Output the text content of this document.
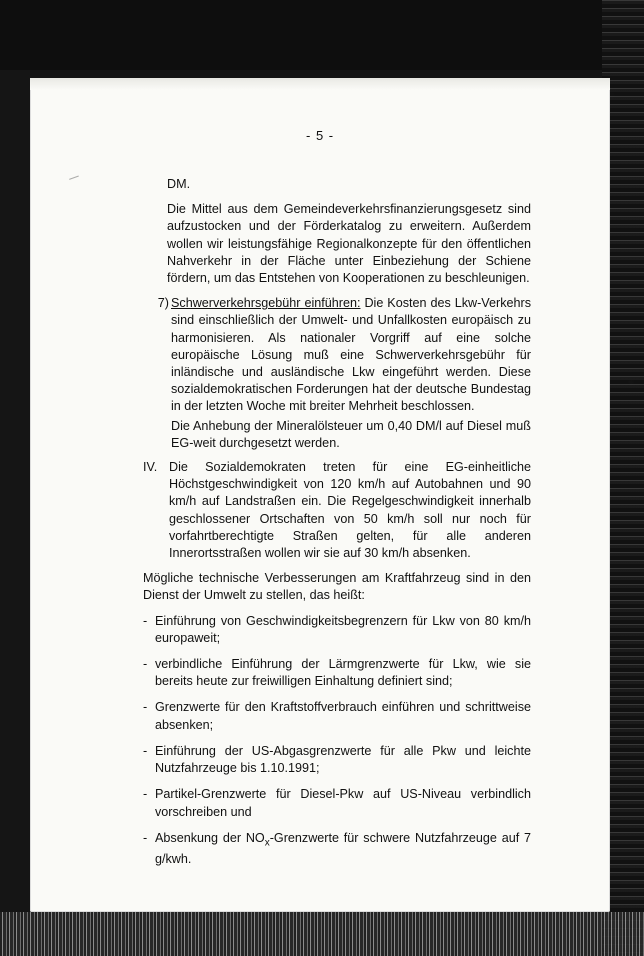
- 5 -

DM.

Die Mittel aus dem Gemeindeverkehrsfinanzierungsgesetz sind aufzustocken und der Förderkatalog zu erweitern. Außerdem wollen wir leistungsfähige Regionalkonzepte für den öffentlichen Nahverkehr in der Fläche unter Einbeziehung der Schiene fördern, um das Entstehen von Kooperationen zu beschleunigen.

7) Schwerverkehrsgebühr einführen: Die Kosten des Lkw-Verkehrs sind einschließlich der Umwelt- und Unfallkosten europäisch zu harmonisieren. Als nationaler Vorgriff auf eine solche europäische Lösung muß eine Schwerverkehrsgebühr für inländische und ausländische Lkw eingeführt werden. Diese sozialdemokratischen Forderungen hat der deutsche Bundestag in der letzten Woche mit breiter Mehrheit beschlossen.
Die Anhebung der Mineralölsteuer um 0,40 DM/l auf Diesel muß EG-weit durchgesetzt werden.
IV. Die Sozialdemokraten treten für eine EG-einheitliche Höchstgeschwindigkeit von 120 km/h auf Autobahnen und 90 km/h auf Landstraßen ein. Die Regelgeschwindigkeit innerhalb geschlossener Ortschaften von 50 km/h soll nur noch für vorfahrtberechtigte Straßen gelten, für alle anderen Innerortsstraßen wollen wir sie auf 30 km/h absenken.

Mögliche technische Verbesserungen am Kraftfahrzeug sind in den Dienst der Umwelt zu stellen, das heißt:

- Einführung von Geschwindigkeitsbegrenzern für Lkw von 80 km/h europaweit;
- verbindliche Einführung der Lärmgrenzwerte für Lkw, wie sie bereits heute zur freiwilligen Einhaltung definiert sind;
- Grenzwerte für den Kraftstoffverbrauch einführen und schrittweise absenken;
- Einführung der US-Abgasgrenzwerte für alle Pkw und leichte Nutzfahrzeuge bis 1.10.1991;
- Partikel-Grenzwerte für Diesel-Pkw auf US-Niveau verbindlich vorschreiben und
- Absenkung der $NO_x$-Grenzwerte für schwere Nutzfahrzeuge auf 7 g/kwh.
